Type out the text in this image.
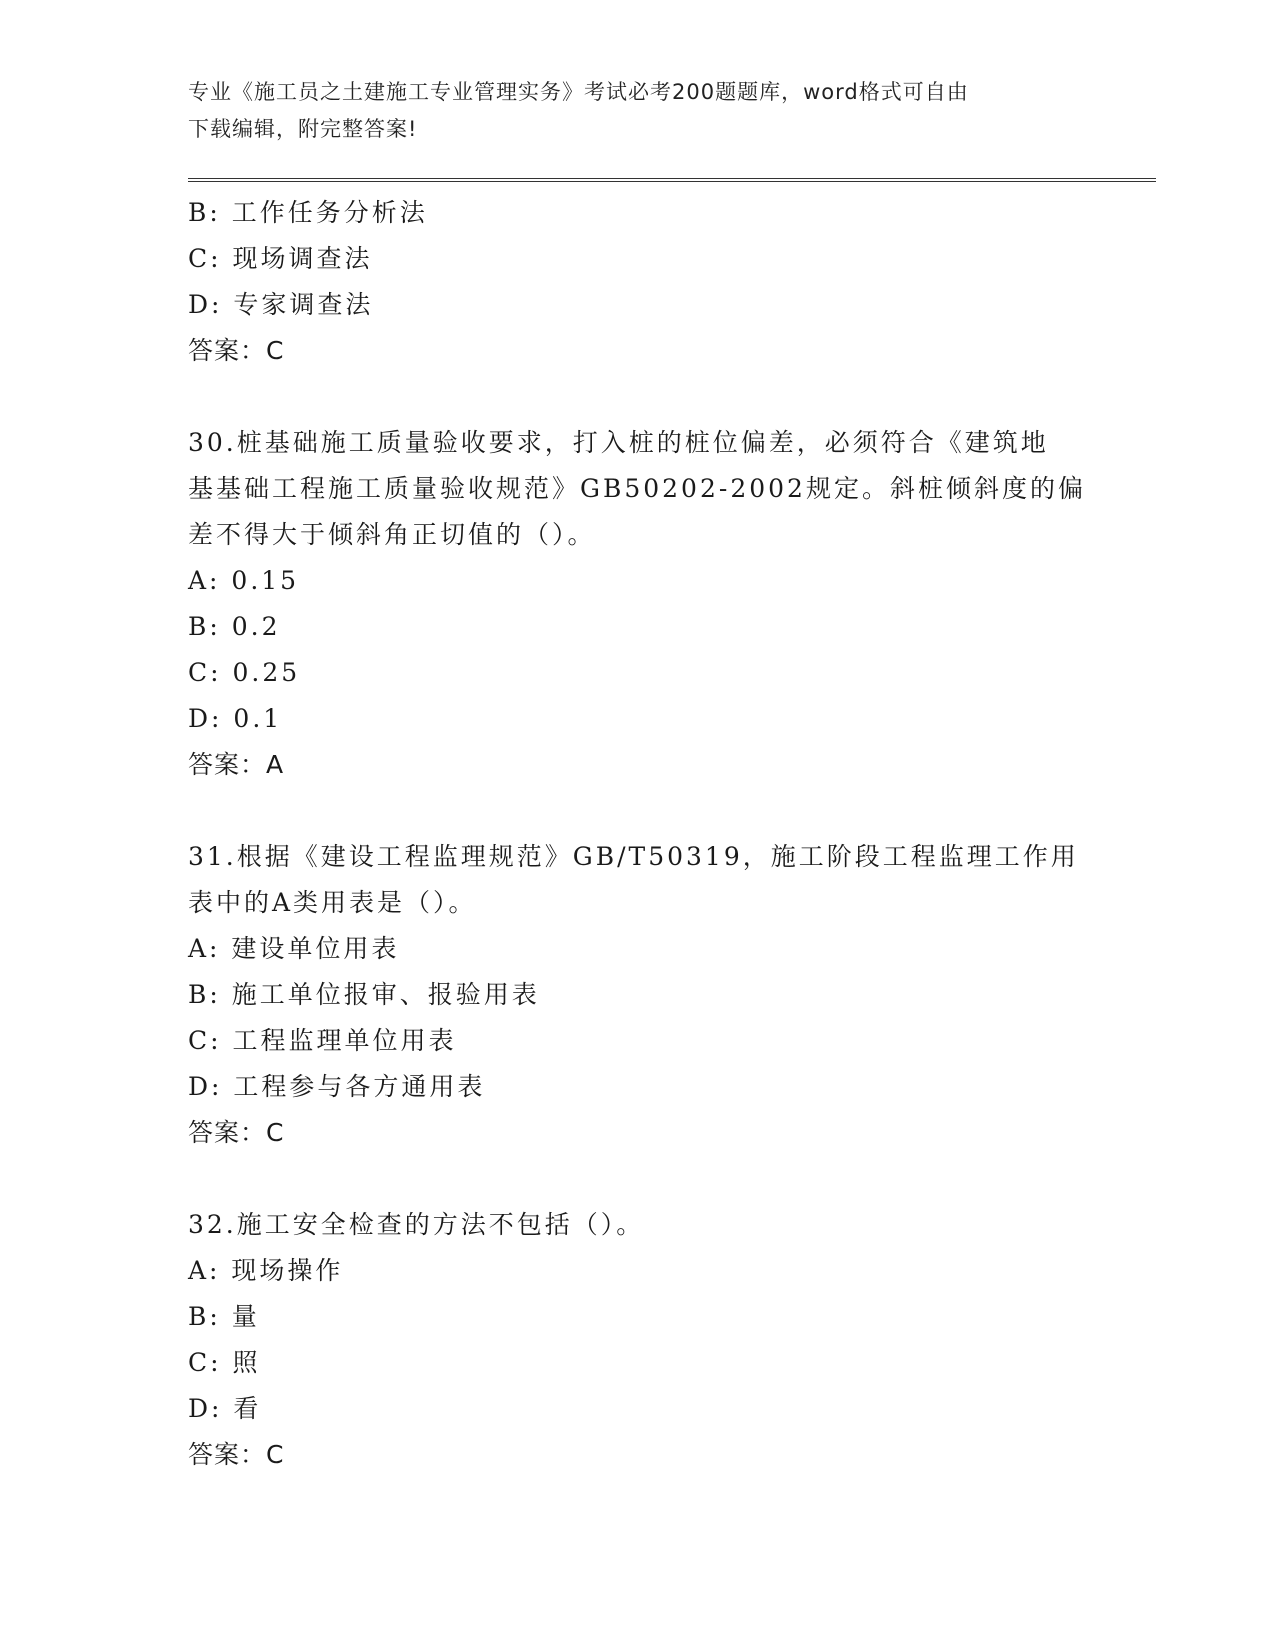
专业《施工员之土建施工专业管理实务》考试必考200题题库，word格式可自由
下载编辑，附完整答案!
B: 工作任务分析法
C: 现场调查法
D: 专家调查法
答案：C
30.桩基础施工质量验收要求，打入桩的桩位偏差，必须符合《建筑地
基基础工程施工质量验收规范》GB50202-2002规定。斜桩倾斜度的偏
差不得大于倾斜角正切值的（）。
A: 0.15
B: 0.2
C: 0.25
D: 0.1
答案：A
31.根据《建设工程监理规范》GB/T50319，施工阶段工程监理工作用
表中的A类用表是（）。
A: 建设单位用表
B: 施工单位报审、报验用表
C: 工程监理单位用表
D: 工程参与各方通用表
答案：C
32.施工安全检查的方法不包括（）。
A: 现场操作
B: 量
C: 照
D: 看
答案：C
